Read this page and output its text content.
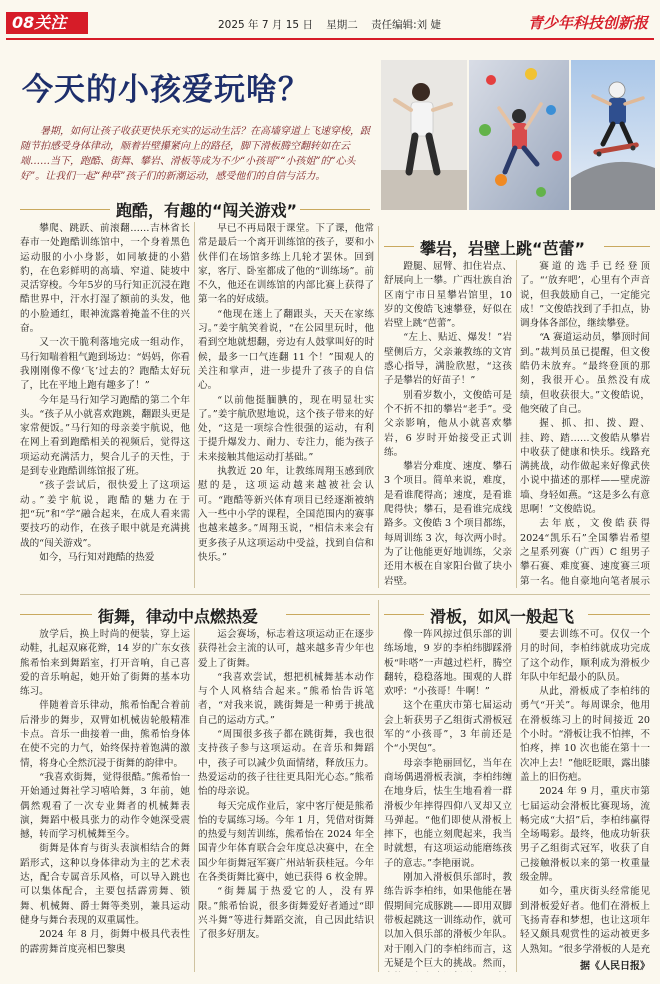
08关注	2025 年 7 月 15 日 星期二 责任编辑:刘 婕	青少年科技创新报
今天的小孩爱玩啥？
暑期，如何让孩子收获更快乐充实的运动生活？在高墙穿道上飞速穿梭，跟随节拍感受身体律动，顺着岩壁攥紧向上的路径，脚下滑板腾空翻转如在云端……当下，跑酷、街舞、攀岩、滑板等成为不少“小孩哥”“小孩姐”的“心头好”。让我们一起“种草”孩子们的新潮运动，感受他们的自信与活力。
跑酷，有趣的“闯关游戏”

攀爬、跳跃、前滚翻……吉林省长春市一处跑酷训练馆中，一个身着黑色运动服的小小身影，如同敏捷的小猎豹，在色彩鲜明的高墙、窄道、陡坡中灵活穿梭。今年5岁的马行知正沉浸在跑酷世界中，汗水打湿了额前的头发，他的小脸通红，眼神流露着掩盖不住的兴奋。

又一次干脆利落地完成一组动作，马行知喘着粗气跑到场边：“妈妈，你看我刚刚像不像‘飞’过去的？跑酷太好玩了，比在平地上跑有趣多了！”

今年是马行知学习跑酷的第二个年头。“孩子从小就喜欢跑跳，翻跟头更是家常便饭。”马行知的母亲姜宇航说，他在网上看到跑酷相关的视频后，觉得这项运动充满活力，契合儿子的天性，于是到专业跑酷训练馆报了班。

“孩子尝试后，很快爱上了这项运动。”姜宇航说，跑酷的魅力在于把“玩”和“学”融合起来，在成人看来需要技巧的动作，在孩子眼中就是充满挑战的“闯关游戏”。

如今，马行知对跑酷的热爱

早已不再局限于课堂。下了课，他常常是最后一个离开训练馆的孩子，要和小伙伴们在场馆多练上几轮才罢休。回到家，客厅、卧室都成了他的“训练场”。前不久，他还在训练馆的内部比赛上获得了第一名的好成绩。

“他现在迷上了翻跟头，天天在家练习。”姜宇航笑着说，“在公园里玩时，他看到空地就想翻，旁边有人鼓掌叫好的时候，最多一口气连翻 11 个！”围观人的关注和掌声，进一步提升了孩子的自信心。

“以前他挺腼腆的，现在明显壮实了。”姜宇航欣慰地说，这个孩子带来的好处，“这是一项综合性很强的运动，有利于提升爆发力、耐力、专注力，能为孩子未来接触其他运动打基础。”

执教近 20 年，让教练周翔玉感到欣慰的是，这项运动越来越被社会认可。“跑酷等新兴体育项目已经逐渐被纳入一些中小学的课程，全国范围内的赛事也越来越多。”周翔玉说，“相信未来会有更多孩子从这项运动中受益，找到自信和快乐。”

攀岩，岩壁上跳“芭蕾”

蹬腿、屈臂、扣住岩点、舒展向上一攀。广西壮族自治区南宁市日星攀岩馆里，10 岁的文俊皓飞速攀登，好似在岩壁上跳“芭蕾”。

“左上、贴近、爆发！”岩壁侧后方，父亲兼教练的文宵惑心指导，满脸欣慰，“这孩子是攀岩的好苗子！”

别看岁数小，文俊皓可是个不折不扣的攀岩“老手”。受父亲影响，他从小就喜欢攀岩，6 岁时开始接受正式训练。

攀岩分难度、速度、攀石 3 个项目。简单来说，难度，是看谁爬得高；速度，是看谁爬得快；攀石，是看谁完成线路多。文俊皓 3 个项目都练，每周训练 3 次，每次两小时。为了让他能更好地训练，父亲还用木板在自家阳台做了块小岩壁。

赛道的选手已经登顶了。“‘放弃吧’，心里有个声音说，但我鼓励自己，一定能完成！”文俊皓找到了手扣点，协调身体各部位，继续攀登。

“A 赛道运动员，攀顶时间到。”裁判员虽已提醒，但文俊皓仍未放弃。“最终登顶的那刻，我很开心。虽然没有成绩，但收获很大。”文俊皓说，他突破了自己。

握、抓、扣、拨、蹬、挂、跨、踏……文俊皓从攀岩中收获了健康和快乐。线路充满挑战，动作做起来好像武侠小说中描述的那样——壁虎游墙、身轻如燕。“这是多么有意思啊！”文俊皓说。

去年底，文俊皓获得 2024“凯乐石”全国攀岩希望之星系列赛（广西）C 组男子攀石赛、难度赛、速度赛三项第一名。他自豪地向笔者展示

街舞，律动中点燃热爱

放学后，换上时尚的便装，穿上运动鞋，扎起双麻花辫，14 岁的广东女孩熊希怡来到舞蹈室，打开音响，自己喜爱的音乐响起，她开始了街舞的基本功练习。

伴随着音乐律动，熊希怡配合着前后滑步的舞步，双臂如机械齿轮般精准卡点。音乐一曲接着一曲，熊希怡身体在使不完的力气，始终保持着饱满的激情，将身心全然沉浸于街舞的韵律中。

“我喜欢街舞，觉得很酷。”熊希怡一开始通过舞社学习嘻哈舞，3 年前，她偶然观看了一次专业舞者的机械舞表演，舞蹈中极具张力的动作令她深受震撼，转而学习机械舞至今。

街舞是体育与街头表演相结合的舞蹈形式，这种以身体律动为主的艺术表达，配合专属音乐风格，可以导入跳也可以集体配合，主要包括霹雳舞、锁舞、机械舞、爵士舞等类别，兼具运动健身与舞台表现的双重属性。

2024 年 8 月，街舞中极具代表性的霹雳舞首度亮相巴黎奥

运会赛场，标志着这项运动正在逐步获得社会主流的认可，越来越多青少年也爱上了街舞。

“我喜欢尝试，想把机械舞基本动作与个人风格结合起来。”熊希怡告诉笔者，“对我来说，跳街舞是一种勇于挑战自己的运动方式。”

“周围很多孩子都在跳街舞，我也很支持孩子参与这项运动。在音乐和舞蹈中，孩子可以减少负面情绪，释放压力。热爱运动的孩子往往更具阳光心态。”熊希怡的母亲说。

每天完成作业后，家中客厅便是熊希怡的专属练习场。今年 1 月，凭借对街舞的热爱与刻苦训练，熊希怡在 2024 年全国青少年体育联合会年度总决赛中，在全国少年街舞冠军赛广州站斩获桂冠。今年在各类街舞比赛中，她已获得 6 枚金牌。

“街舞属于热爱它的人，没有界限。”熊希怡说，很多街舞爱好者通过“即兴斗舞”等进行舞蹈交流，自己因此结识了很多好朋友。

滑板，如风一般起飞

像一阵风掠过俱乐部的训练场地，9 岁的李柏纬脚踩滑板“咔嗒”一声越过栏杆，腾空翻转，稳稳落地。围观的人群欢呼：“小孩哥！牛啊！”

这个在重庆市第七届运动会上斩获男子乙组街式滑板冠军的“小孩哥”，3 年前还是个“小哭包”。

母亲李艳丽回忆，当年在商场偶遇滑板表演，李柏纬缠在地身后，怯生生地看着一群滑板少年摔得四仰八叉却又立马弹起。“他们即使从滑板上摔下，也能立刻爬起来，我当时就想，有这项运动能磨练孩子的意志。”李艳丽说。

刚加入滑板俱乐部时，教练告诉李柏纬，如果他能在暑假期间完成豚跳——即用双脚带板起跳这一训练动作，就可以加入俱乐部的滑板少年队。对于刚入门的李柏纬而言，这无疑是个巨大的挑战。然而，

要去训练不可。仅仅一个月的时间，李柏纬就成功完成了这个动作，顺利成为滑板少年队中年纪最小的队员。

从此，滑板成了李柏纬的勇气“开关”。每周课余，他用在滑板练习上的时间接近 20 个小时。“滑板让我不怕摔，不怕疼，摔 10 次也能在第十一次冲上去！”他眨眨眼，露出膝盖上的旧伤疤。

2024 年 9 月，重庆市第七届运动会滑板比赛现场，流畅完成“大招”后，李柏纬赢得全场喝彩。最终，他成功斩获男子乙组街式冠军，收获了自己接触滑板以来的第一枚重量级金牌。

如今，重庆街头经常能见到滑板爱好者。他们在滑板上飞扬青春和梦想，也让这项年轻又颇具观赏性的运动被更多人熟知。“很多学滑板的人是充

据《人民日报》
